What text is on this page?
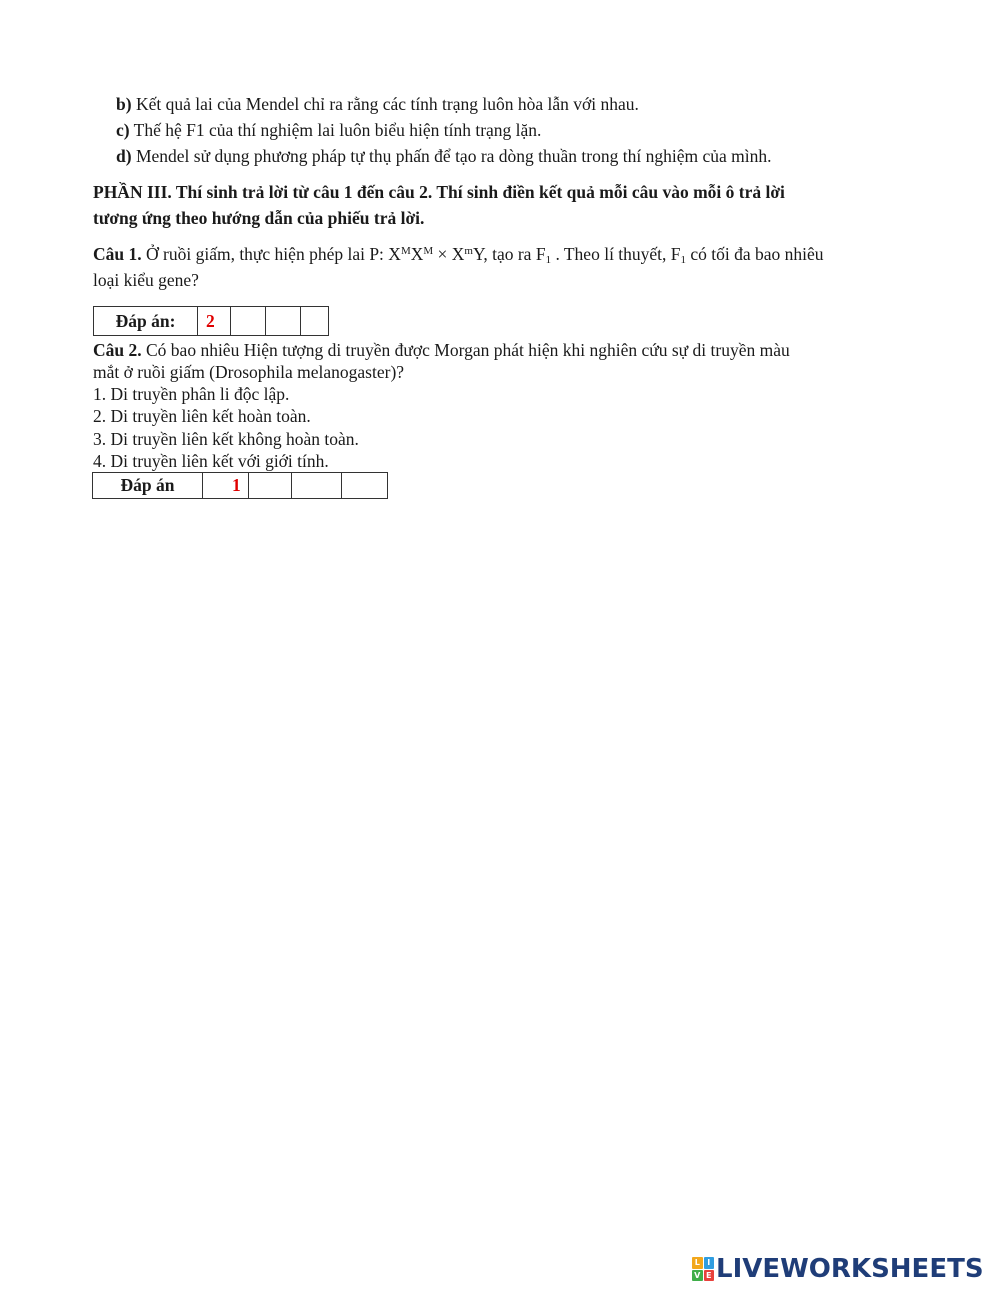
b) Kết quả lai của Mendel chỉ ra rằng các tính trạng luôn hòa lẫn với nhau.
c) Thế hệ F1 của thí nghiệm lai luôn biểu hiện tính trạng lặn.
d) Mendel sử dụng phương pháp tự thụ phấn để tạo ra dòng thuần trong thí nghiệm của mình.
PHẦN III. Thí sinh trả lời từ câu 1 đến câu 2. Thí sinh điền kết quả mỗi câu vào mỗi ô trả lời
tương ứng theo hướng dẫn của phiếu trả lời.
Câu 1. Ở ruồi giấm, thực hiện phép lai P: $X^MX^M \times X^mY$, tạo ra $F_1$ . Theo lí thuyết, $F_1$ có tối đa bao nhiêu
loại kiểu gene?
Đáp án:	2			
Câu 2. Có bao nhiêu Hiện tượng di truyền được Morgan phát hiện khi nghiên cứu sự di truyền màu
mắt ở ruồi giấm (Drosophila melanogaster)?
1. Di truyền phân li độc lập.
2. Di truyền liên kết hoàn toàn.
3. Di truyền liên kết không hoàn toàn.
4. Di truyền liên kết với giới tính.
Đáp án	1			
L I
V E LIVEWORKSHEETS
